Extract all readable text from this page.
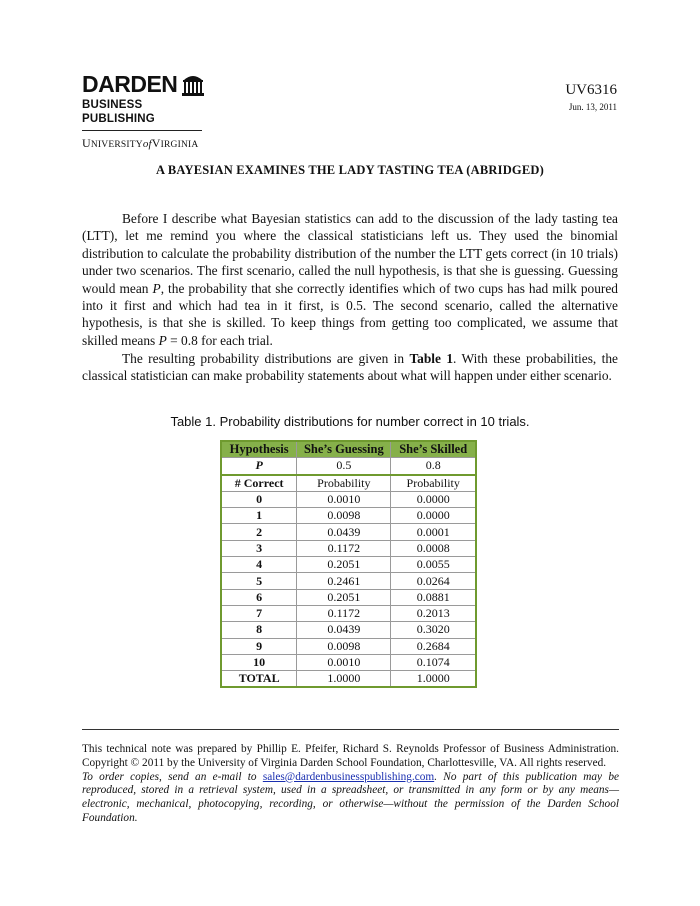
DARDEN
BUSINESS PUBLISHING
UNIVERSITYofVIRGINIA
UV6316
Jun. 13, 2011
A BAYESIAN EXAMINES THE LADY TASTING TEA (ABRIDGED)

Before I describe what Bayesian statistics can add to the discussion of the lady tasting tea (LTT), let me remind you where the classical statisticians left us. They used the binomial distribution to calculate the probability distribution of the number the LTT gets correct (in 10 trials) under two scenarios. The first scenario, called the null hypothesis, is that she is guessing. Guessing would mean P, the probability that she correctly identifies which of two cups has had milk poured into it first and which had tea in it first, is 0.5. The second scenario, called the alternative hypothesis, is that she is skilled. To keep things from getting too complicated, we assume that skilled means P = 0.8 for each trial.

The resulting probability distributions are given in Table 1. With these probabilities, the classical statistician can make probability statements about what will happen under either scenario.

Table 1. Probability distributions for number correct in 10 trials.
Hypothesis	She’s Guessing	She’s Skilled
P	0.5	0.8
# Correct	Probability	Probability
0	0.0010	0.0000
1	0.0098	0.0000
2	0.0439	0.0001
3	0.1172	0.0008
4	0.2051	0.0055
5	0.2461	0.0264
6	0.2051	0.0881
7	0.1172	0.2013
8	0.0439	0.3020
9	0.0098	0.2684
10	0.0010	0.1074
TOTAL	1.0000	1.0000

This technical note was prepared by Phillip E. Pfeifer, Richard S. Reynolds Professor of Business Administration. Copyright © 2011 by the University of Virginia Darden School Foundation, Charlottesville, VA. All rights reserved.
To order copies, send an e-mail to sales@dardenbusinesspublishing.com. No part of this publication may be reproduced, stored in a retrieval system, used in a spreadsheet, or transmitted in any form or by any means—electronic, mechanical, photocopying, recording, or otherwise—without the permission of the Darden School Foundation.
